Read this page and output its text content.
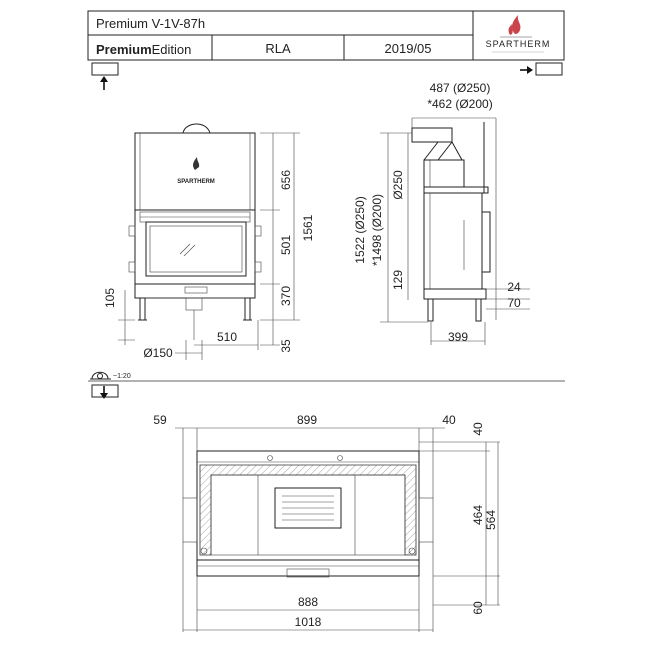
Premium V-1V-87h
PremiumEdition	RLA	2019/05	SPARTHERM
SPARTHERM	656
501
1561
370
35
510
Ø150
105
487 (Ø250)
*462 (Ø200)
1522 (Ø250) *1498 (Ø200)
Ø250
129	24
70
399
~1:20
59	899	40
40
464 564
60
888
1018
